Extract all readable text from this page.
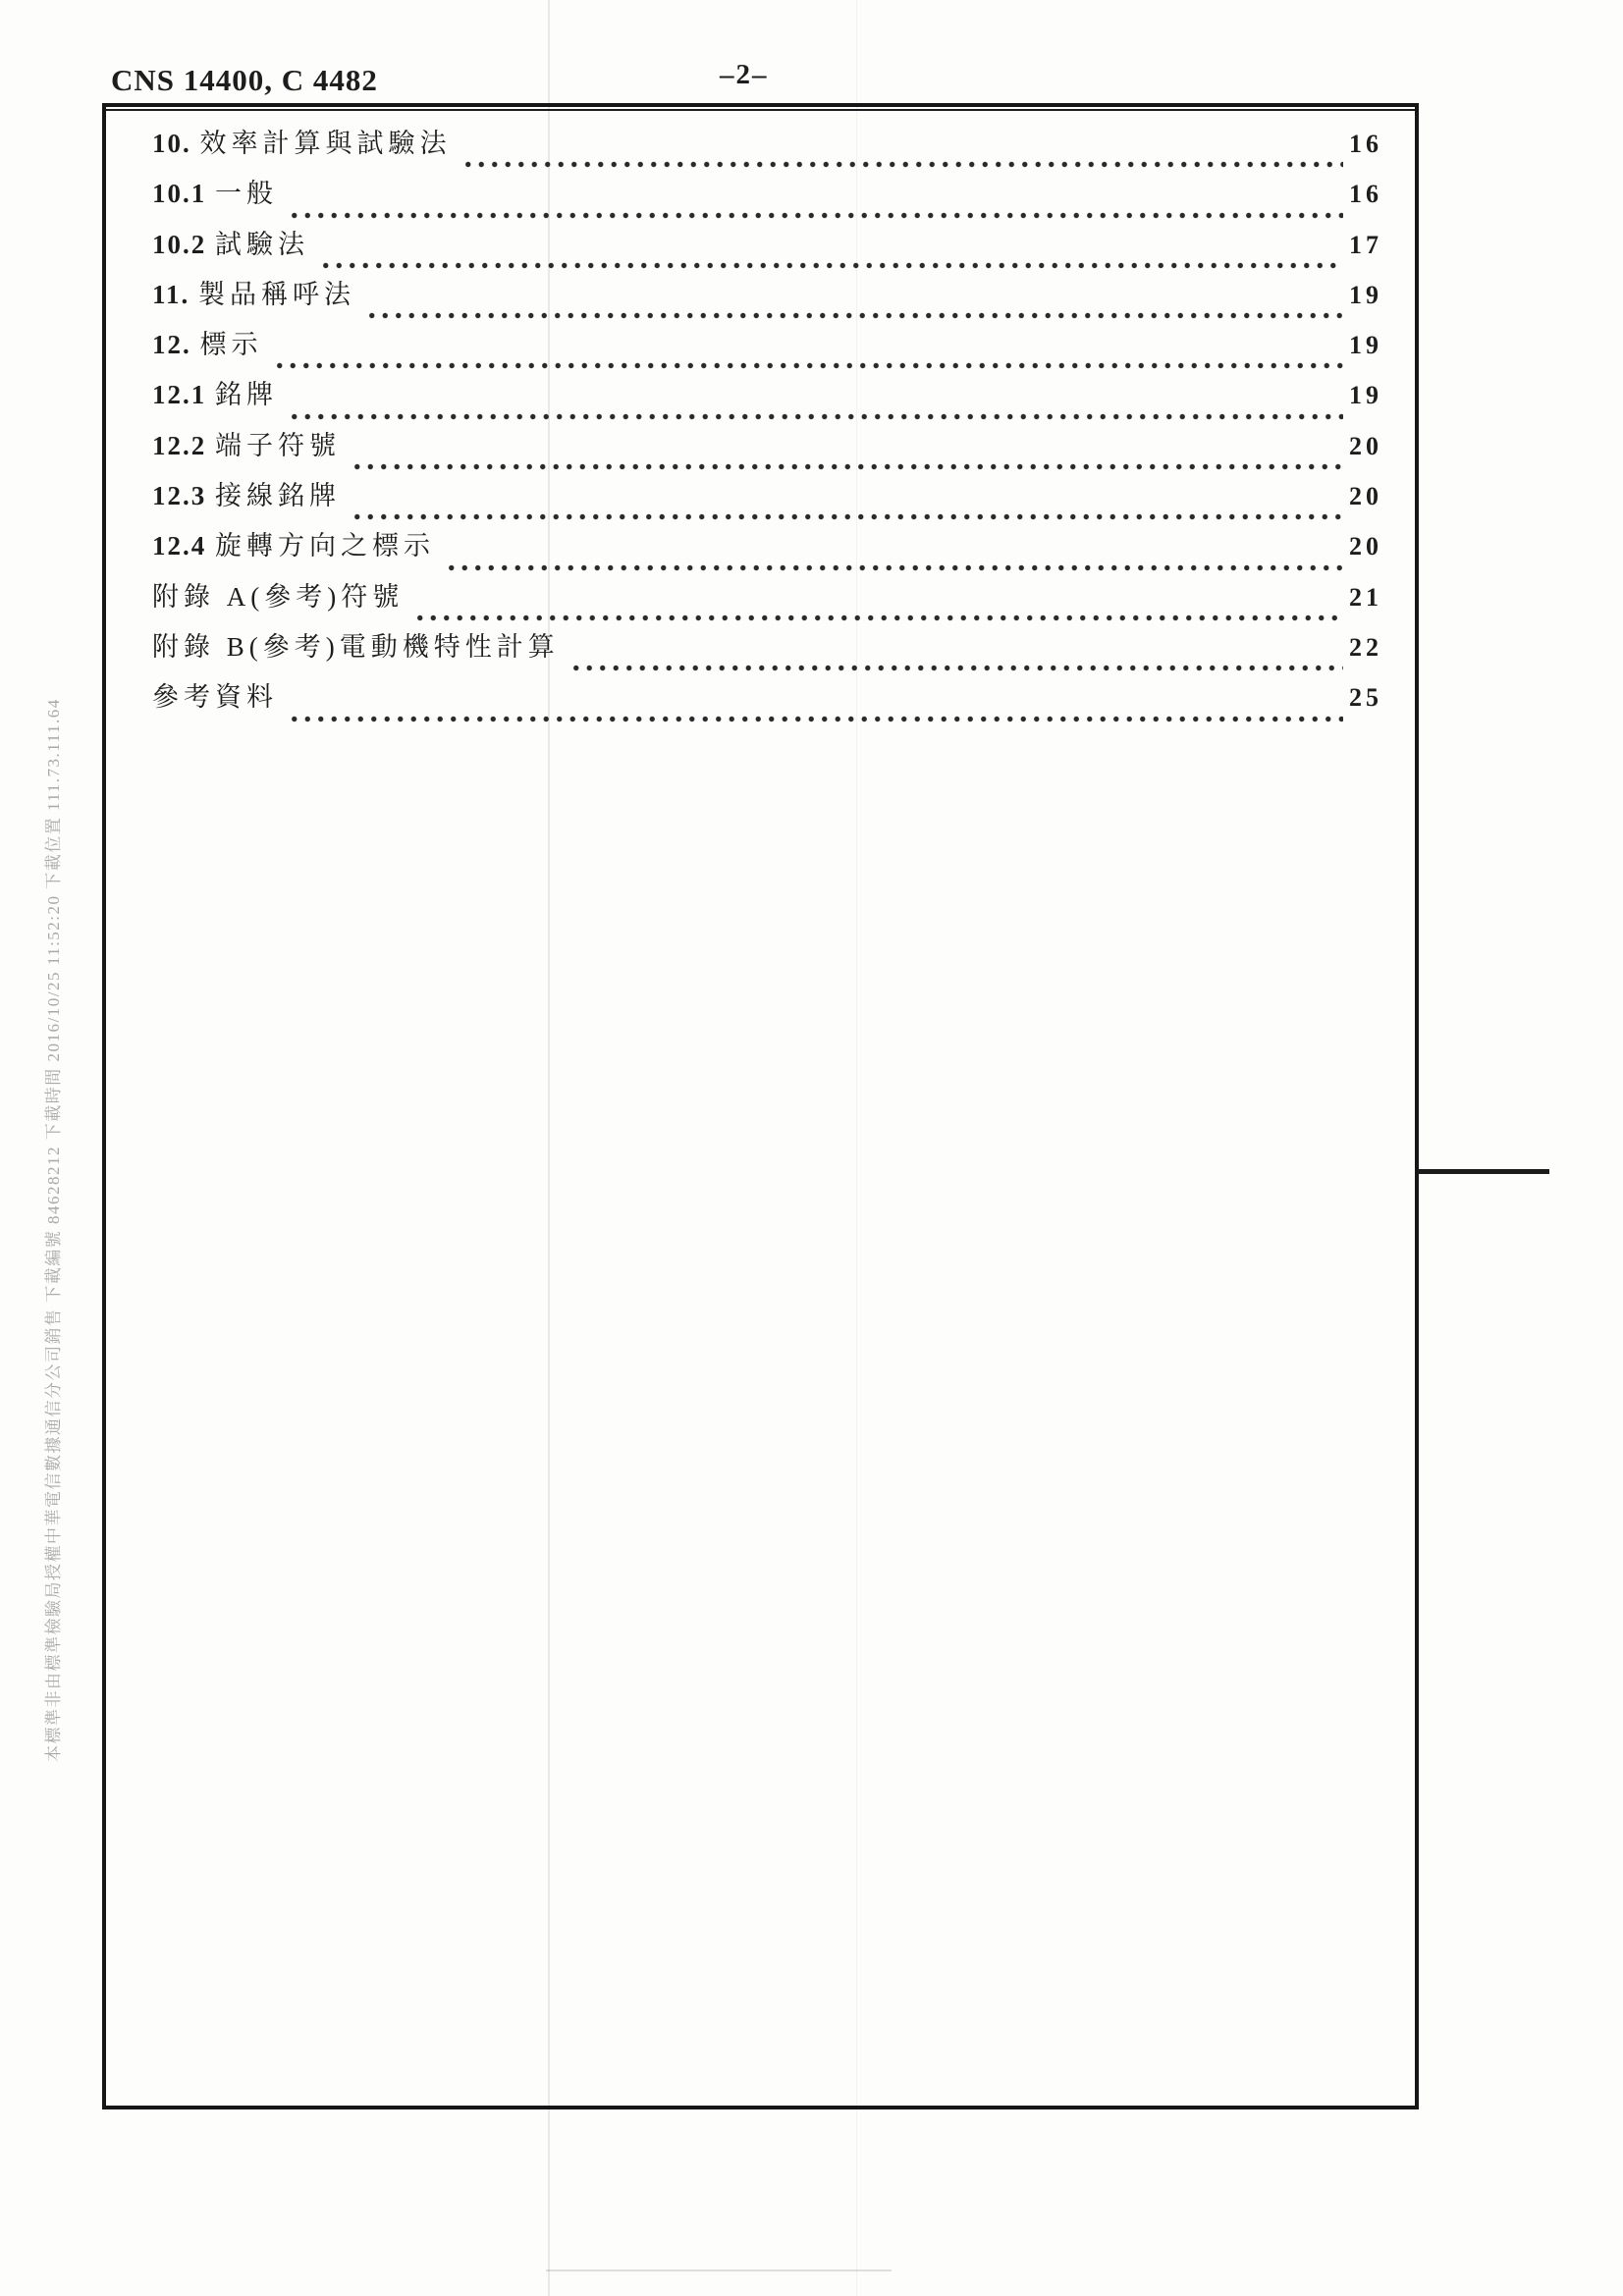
CNS 14400, C 4482	–2–
10. 效率計算與試驗法	16
10.1 一般	16
10.2 試驗法	17
11. 製品稱呼法	19
12. 標示	19
12.1 銘牌	19
12.2 端子符號	20
12.3 接線銘牌	20
12.4 旋轉方向之標示	20
附錄 A(參考)符號	21
附錄 B(參考)電動機特性計算	22
參考資料	25
本標準非由標準檢驗局授權中華電信數據通信分公司銷售 下載編號 84628212 下載時間 2016/10/25 11:52:20 下載位置 111.73.111.64
